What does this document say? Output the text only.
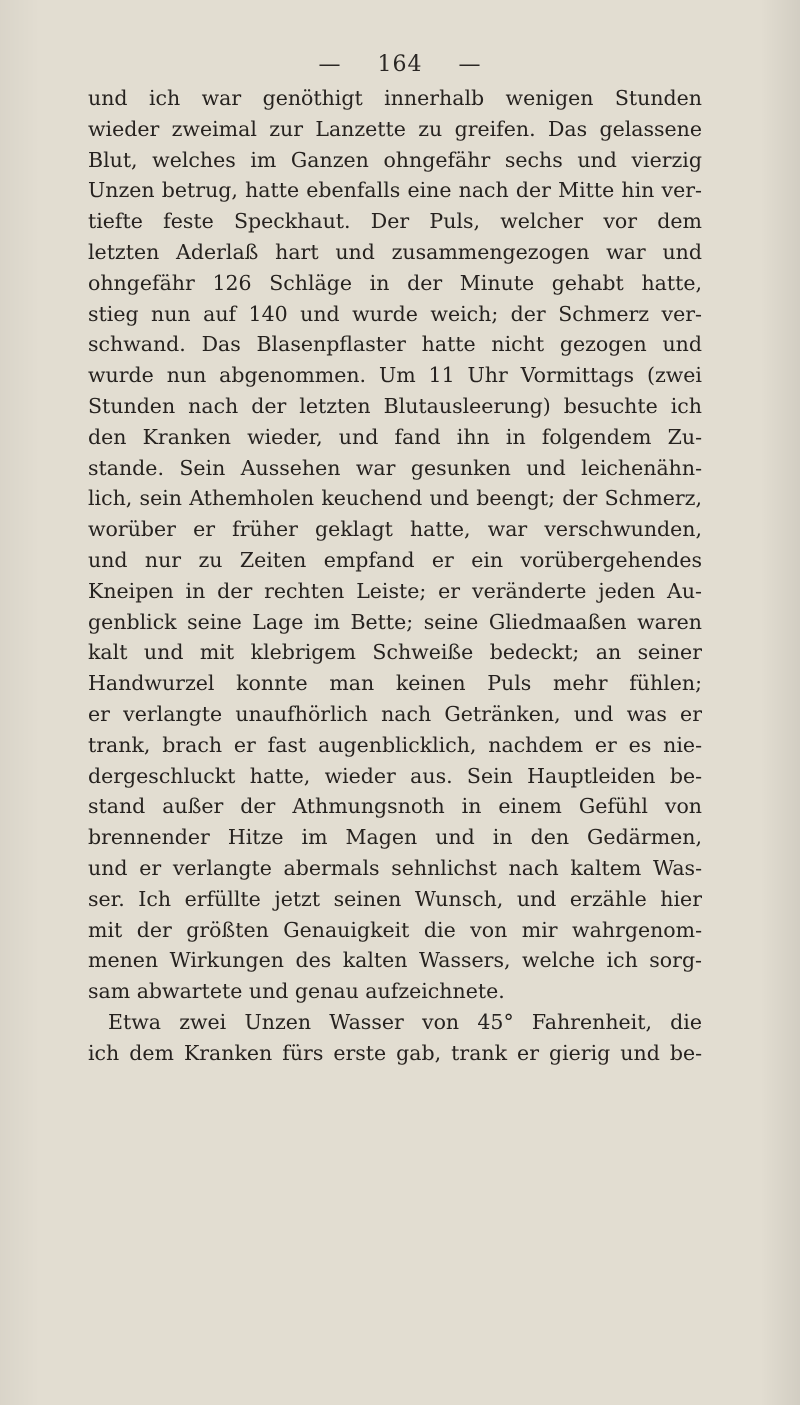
— 164 —
und ich war genöthigt innerhalb wenigen Stunden
wieder zweimal zur Lanzette zu greifen. Das gelassene
Blut, welches im Ganzen ohngefähr sechs und vierzig
Unzen betrug, hatte ebenfalls eine nach der Mitte hin ver-
tiefte feste Speckhaut. Der Puls, welcher vor dem
letzten Aderlaß hart und zusammengezogen war und
ohngefähr 126 Schläge in der Minute gehabt hatte,
stieg nun auf 140 und wurde weich; der Schmerz ver-
schwand. Das Blasenpflaster hatte nicht gezogen und
wurde nun abgenommen. Um 11 Uhr Vormittags (zwei
Stunden nach der letzten Blutausleerung) besuchte ich
den Kranken wieder, und fand ihn in folgendem Zu-
stande. Sein Aussehen war gesunken und leichenähn-
lich, sein Athemholen keuchend und beengt; der Schmerz,
worüber er früher geklagt hatte, war verschwunden,
und nur zu Zeiten empfand er ein vorübergehendes
Kneipen in der rechten Leiste; er veränderte jeden Au-
genblick seine Lage im Bette; seine Gliedmaaßen waren
kalt und mit klebrigem Schweiße bedeckt; an seiner
Handwurzel konnte man keinen Puls mehr fühlen;
er verlangte unaufhörlich nach Getränken, und was er
trank, brach er fast augenblicklich, nachdem er es nie-
dergeschluckt hatte, wieder aus. Sein Hauptleiden be-
stand außer der Athmungsnoth in einem Gefühl von
brennender Hitze im Magen und in den Gedärmen,
und er verlangte abermals sehnlichst nach kaltem Was-
ser. Ich erfüllte jetzt seinen Wunsch, und erzähle hier
mit der größten Genauigkeit die von mir wahrgenom-
menen Wirkungen des kalten Wassers, welche ich sorg-
sam abwartete und genau aufzeichnete.
Etwa zwei Unzen Wasser von 45° Fahrenheit, die
ich dem Kranken fürs erste gab, trank er gierig und be-
